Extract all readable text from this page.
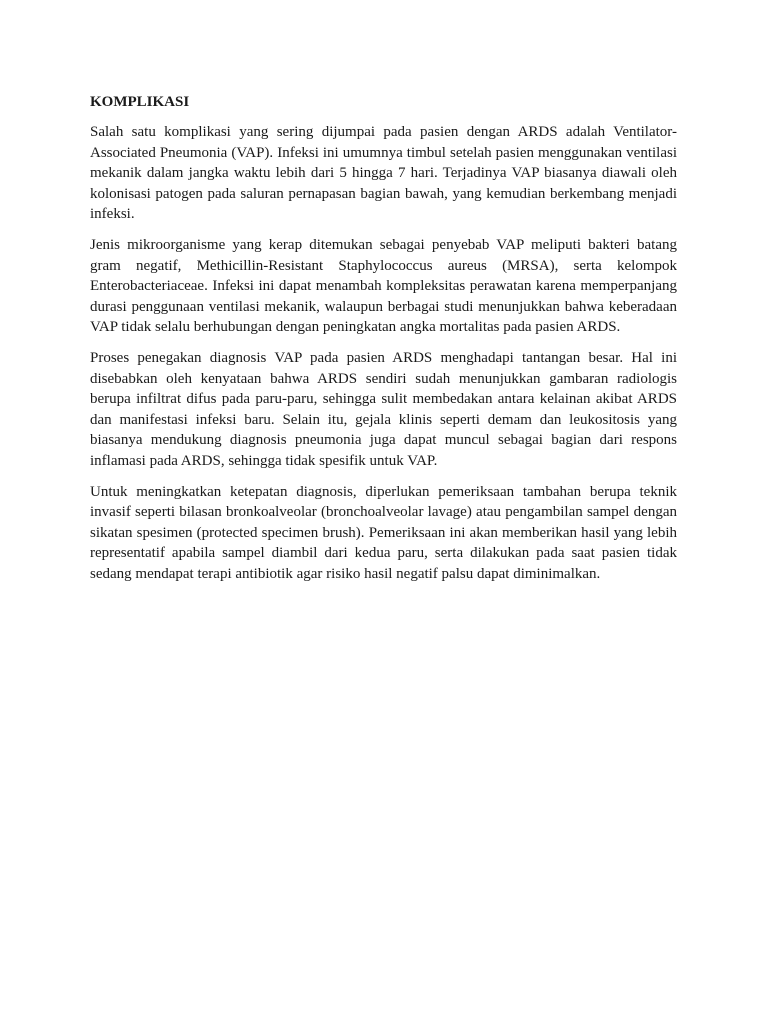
KOMPLIKASI

Salah satu komplikasi yang sering dijumpai pada pasien dengan ARDS adalah Ventilator-Associated Pneumonia (VAP). Infeksi ini umumnya timbul setelah pasien menggunakan ventilasi mekanik dalam jangka waktu lebih dari 5 hingga 7 hari. Terjadinya VAP biasanya diawali oleh kolonisasi patogen pada saluran pernapasan bagian bawah, yang kemudian berkembang menjadi infeksi.

Jenis mikroorganisme yang kerap ditemukan sebagai penyebab VAP meliputi bakteri batang gram negatif, Methicillin-Resistant Staphylococcus aureus (MRSA), serta kelompok Enterobacteriaceae. Infeksi ini dapat menambah kompleksitas perawatan karena memperpanjang durasi penggunaan ventilasi mekanik, walaupun berbagai studi menunjukkan bahwa keberadaan VAP tidak selalu berhubungan dengan peningkatan angka mortalitas pada pasien ARDS.

Proses penegakan diagnosis VAP pada pasien ARDS menghadapi tantangan besar. Hal ini disebabkan oleh kenyataan bahwa ARDS sendiri sudah menunjukkan gambaran radiologis berupa infiltrat difus pada paru-paru, sehingga sulit membedakan antara kelainan akibat ARDS dan manifestasi infeksi baru. Selain itu, gejala klinis seperti demam dan leukositosis yang biasanya mendukung diagnosis pneumonia juga dapat muncul sebagai bagian dari respons inflamasi pada ARDS, sehingga tidak spesifik untuk VAP.

Untuk meningkatkan ketepatan diagnosis, diperlukan pemeriksaan tambahan berupa teknik invasif seperti bilasan bronkoalveolar (bronchoalveolar lavage) atau pengambilan sampel dengan sikatan spesimen (protected specimen brush). Pemeriksaan ini akan memberikan hasil yang lebih representatif apabila sampel diambil dari kedua paru, serta dilakukan pada saat pasien tidak sedang mendapat terapi antibiotik agar risiko hasil negatif palsu dapat diminimalkan.
